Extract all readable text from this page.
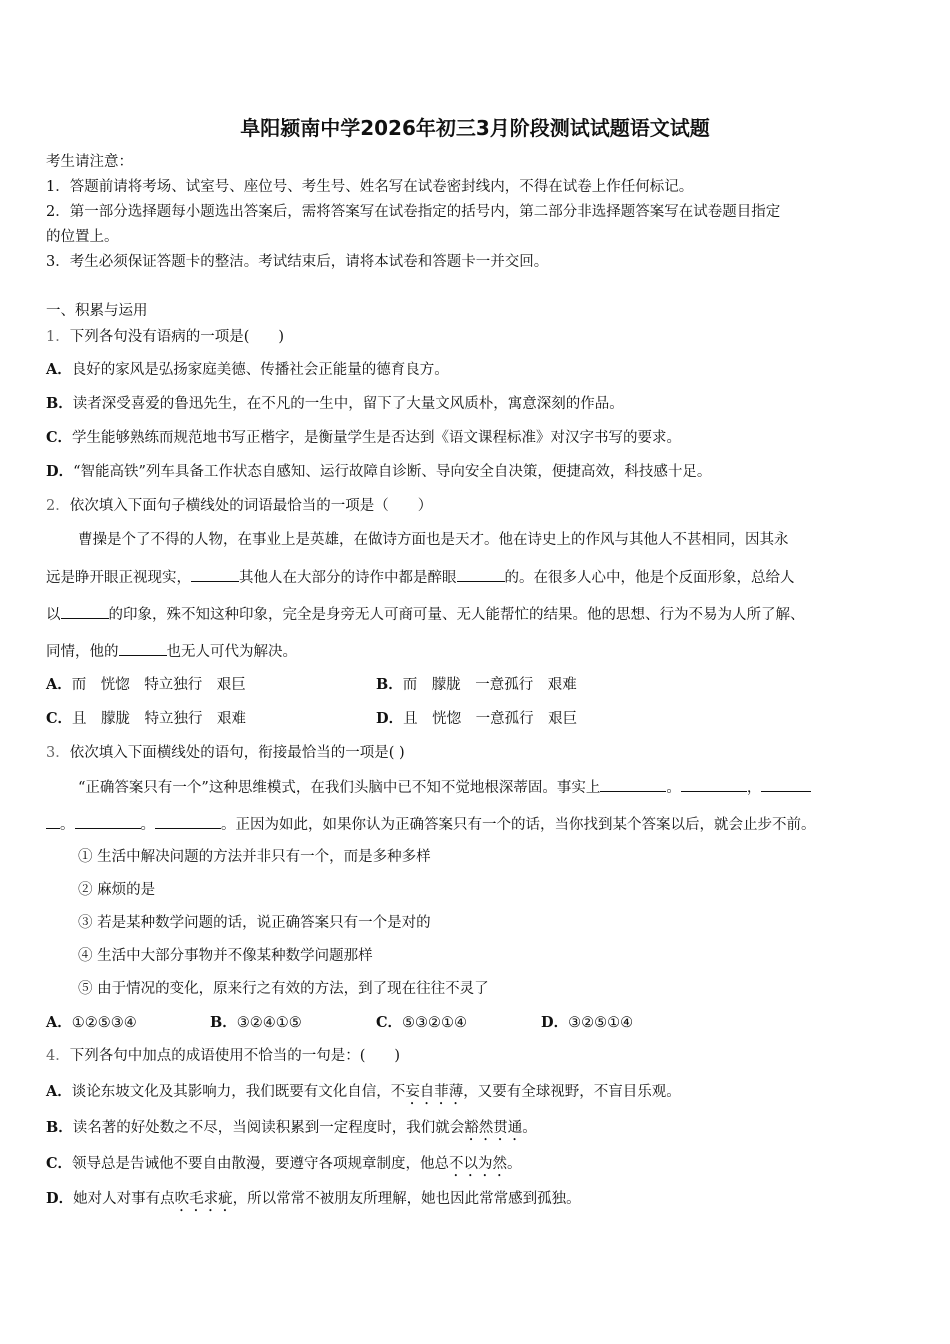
阜阳颍南中学2026年初三3月阶段测试试题语文试题
考生请注意：
1．答题前请将考场、试室号、座位号、考生号、姓名写在试卷密封线内，不得在试卷上作任何标记。
2．第一部分选择题每小题选出答案后，需将答案写在试卷指定的括号内，第二部分非选择题答案写在试卷题目指定
的位置上。
3．考生必须保证答题卡的整洁。考试结束后，请将本试卷和答题卡一并交回。
一、积累与运用
1．下列各句没有语病的一项是(　　)
A．良好的家风是弘扬家庭美德、传播社会正能量的德育良方。
B．读者深受喜爱的鲁迅先生，在不凡的一生中，留下了大量文风质朴，寓意深刻的作品。
C．学生能够熟练而规范地书写正楷字，是衡量学生是否达到《语文课程标准》对汉字书写的要求。
D．“智能高铁”列车具备工作状态自感知、运行故障自诊断、导向安全自决策，便捷高效，科技感十足。
2．依次填入下面句子横线处的词语最恰当的一项是（　　）
曹操是个了不得的人物，在事业上是英雄，在做诗方面也是天才。他在诗史上的作风与其他人不甚相同，因其永
远是睁开眼正视现实，	其他人在大部分的诗作中都是醉眼	的。在很多人心中，他是个反面形象，总给人
以	的印象，殊不知这种印象，完全是身旁无人可商可量、无人能帮忙的结果。他的思想、行为不易为人所了解、
同情，他的	也无人可代为解决。
A．而　恍惚　特立独行　艰巨	B．而　朦胧　一意孤行　艰难
C．且　朦胧　特立独行　艰难	D．且　恍惚　一意孤行　艰巨
3．依次填入下面横线处的语句，衔接最恰当的一项是( )
“正确答案只有一个”这种思维模式，在我们头脑中已不知不觉地根深蒂固。事实上	。	，
。	。	。正因为如此，如果你认为正确答案只有一个的话，当你找到某个答案以后，就会止步不前。
① 生活中解决问题的方法并非只有一个，而是多种多样
② 麻烦的是
③ 若是某种数学问题的话，说正确答案只有一个是对的
④ 生活中大部分事物并不像某种数学问题那样
⑤ 由于情况的变化，原来行之有效的方法，到了现在往往不灵了
A．①②⑤③④	B．③②④①⑤	C．⑤③②①④	D．③②⑤①④
4．下列各句中加点的成语使用不恰当的一句是：(　　)
A．谈论东坡文化及其影响力，我们既要有文化自信，不妄自菲薄，又要有全球视野，不盲目乐观。
B．读名著的好处数之不尽，当阅读积累到一定程度时，我们就会豁然贯通。
C．领导总是告诫他不要自由散漫，要遵守各项规章制度，他总不以为然。
D．她对人对事有点吹毛求疵，所以常常不被朋友所理解，她也因此常常感到孤独。
